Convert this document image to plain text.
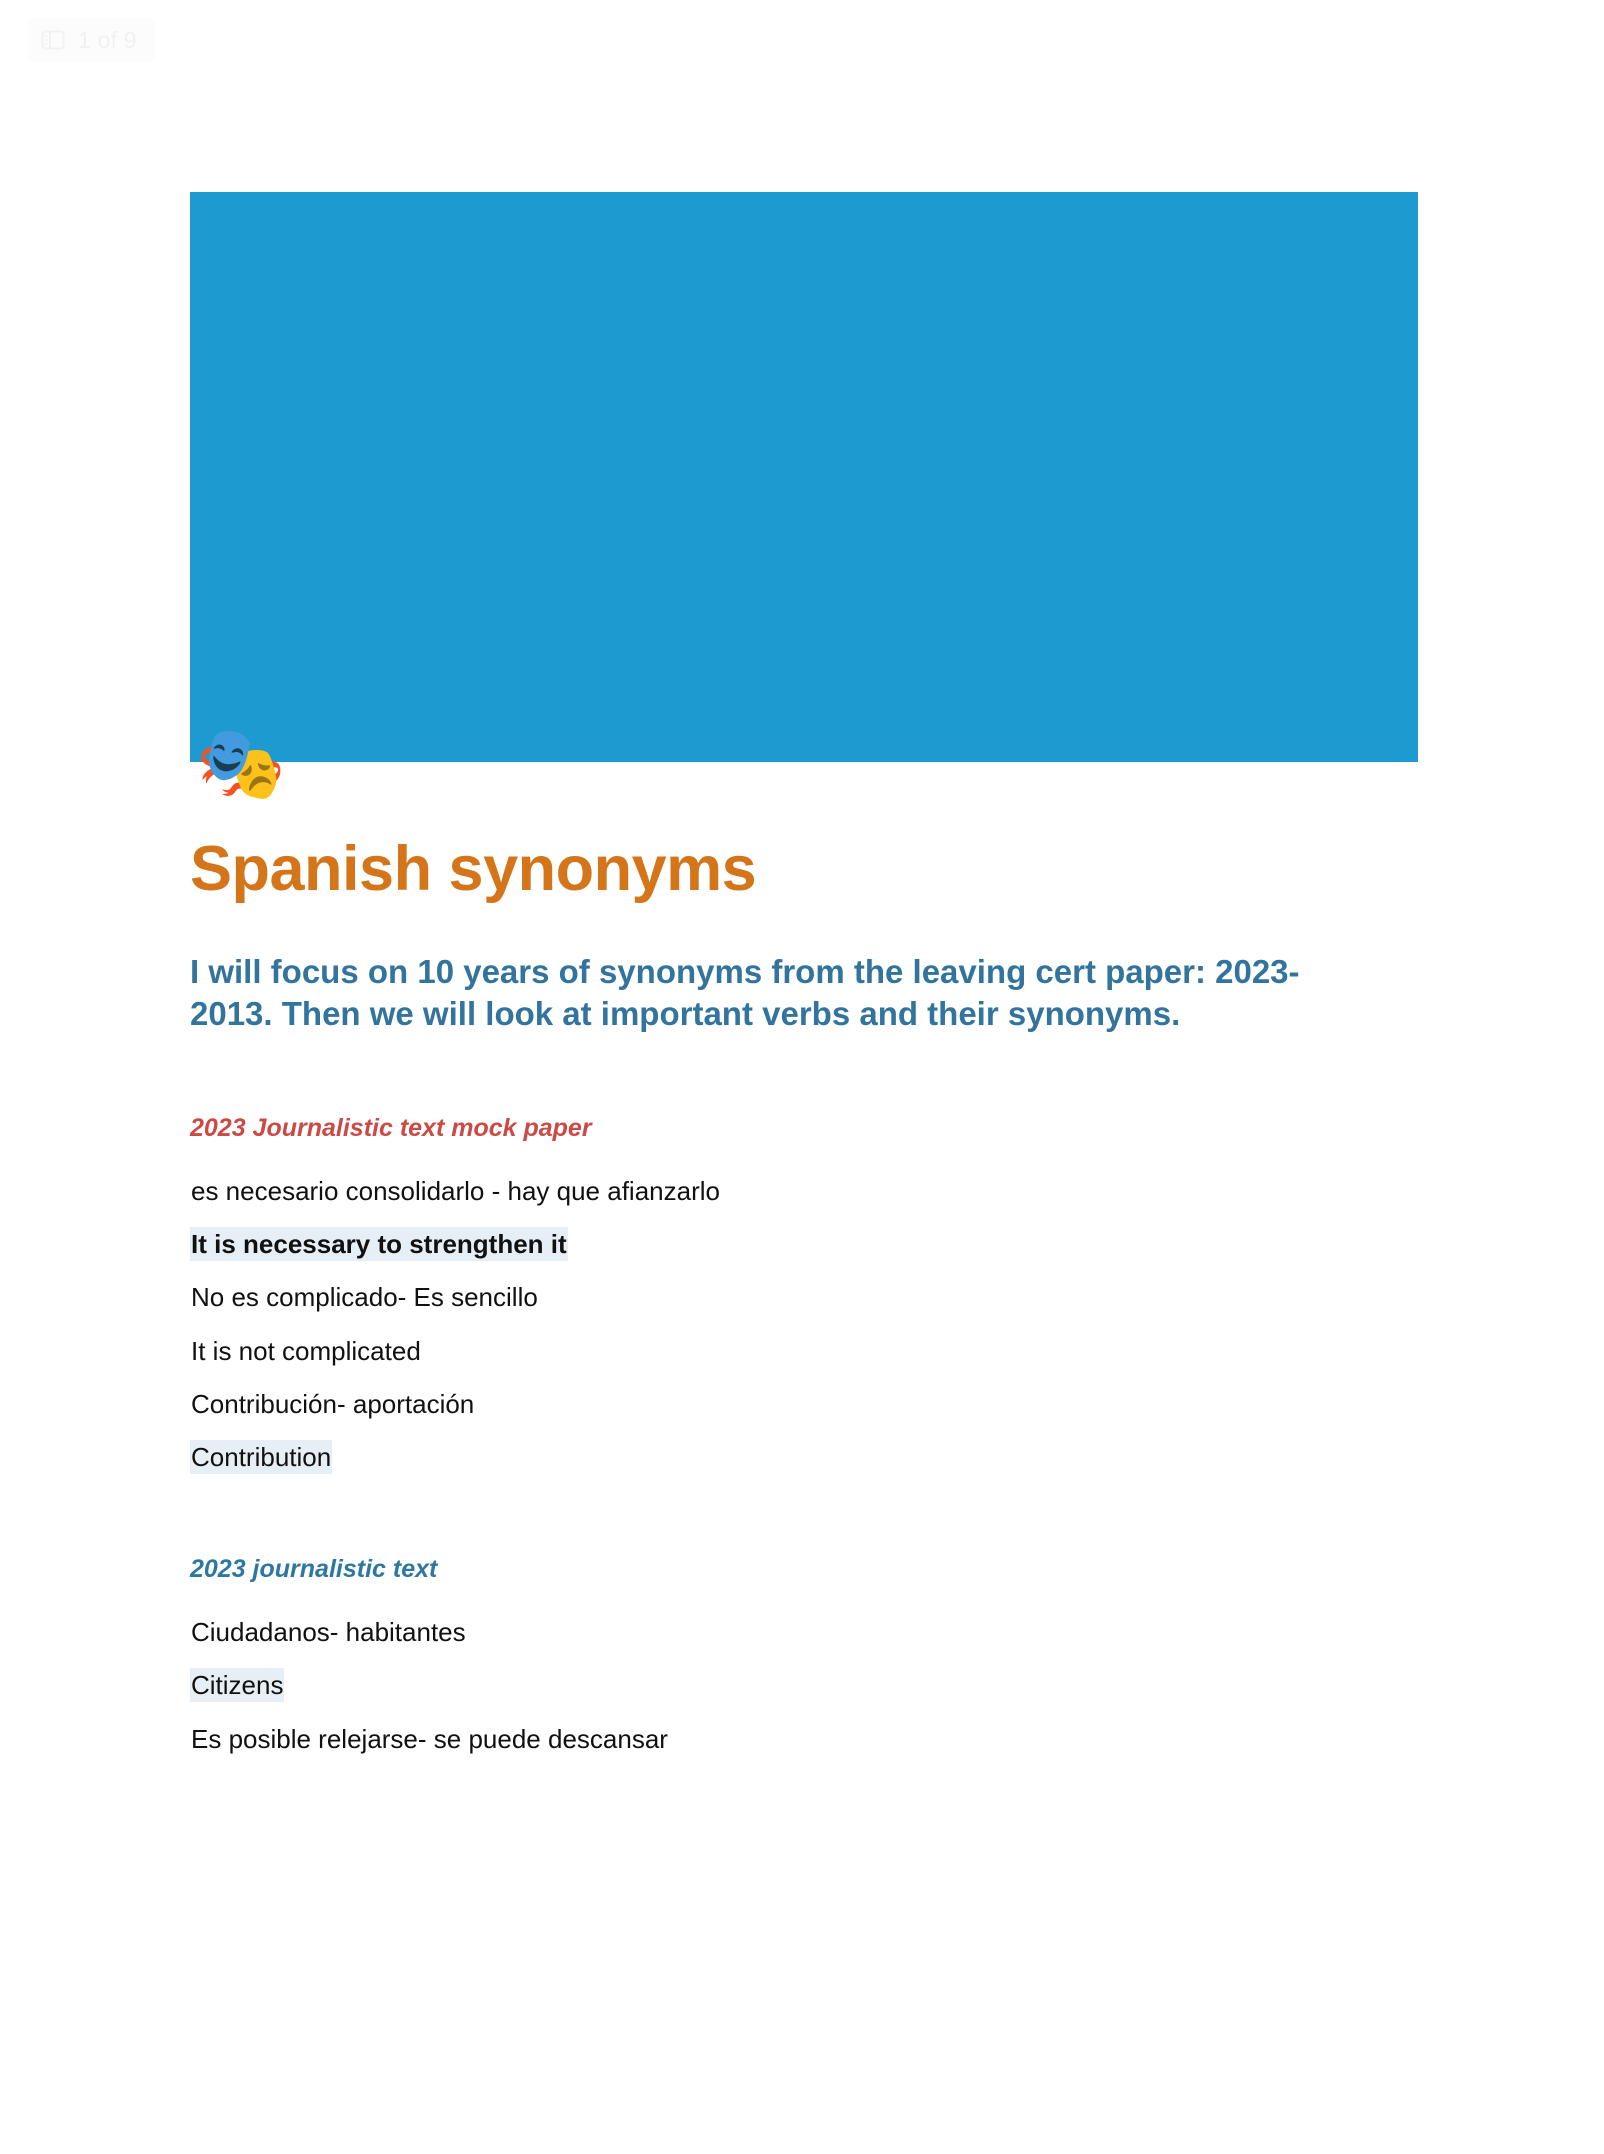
1 of 9
🎭
Spanish synonyms

I will focus on 10 years of synonyms from the leaving cert paper: 2023- 2013. Then we will look at important verbs and their synonyms.

2023 Journalistic text mock paper

es necesario consolidarlo - hay que afianzarlo

It is necessary to strengthen it

No es complicado- Es sencillo

It is not complicated

Contribución- aportación

Contribution

2023 journalistic text

Ciudadanos- habitantes

Citizens

Es posible relejarse- se puede descansar
